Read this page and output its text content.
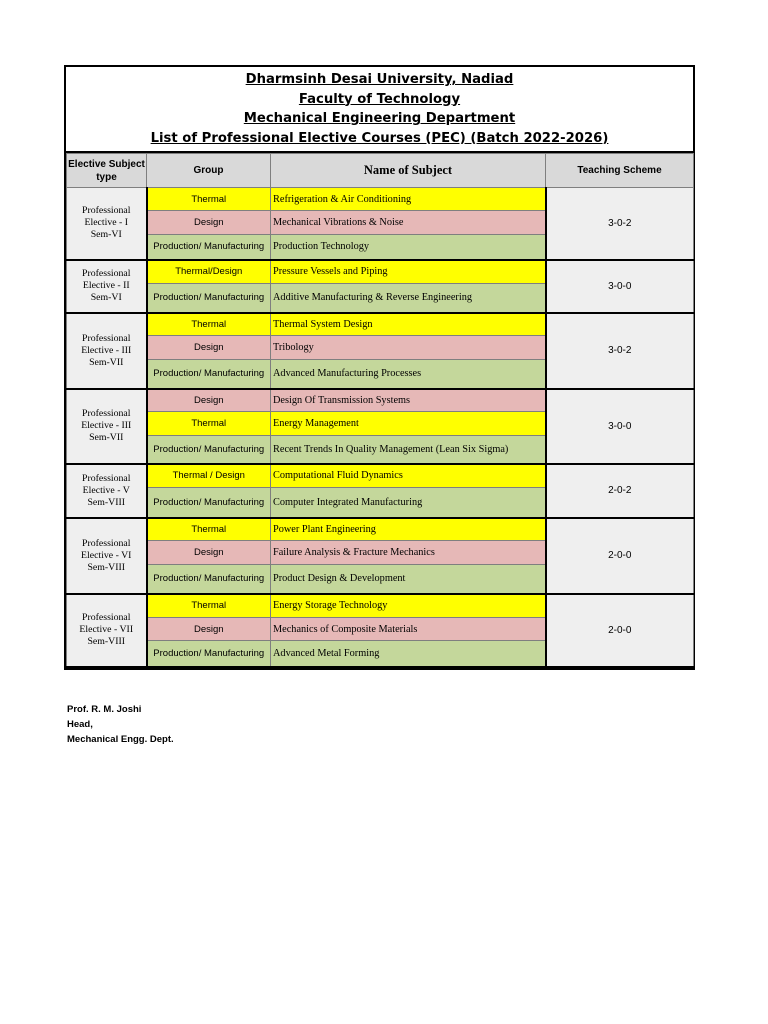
Dharmsinh Desai University, Nadiad
Faculty of Technology
Mechanical Engineering Department
List of Professional Elective Courses (PEC) (Batch 2022-2026)
Elective Subject type	Group	Name of Subject	Teaching Scheme

Professional
Elective - I
Sem-VI	Thermal	Refrigeration & Air Conditioning	3-0-2
	Design	Mechanical Vibrations & Noise	
	Production/ Manufacturing	Production Technology	

Professional
Elective - II
Sem-VI	Thermal/Design	Pressure Vessels and Piping	3-0-0
	Production/ Manufacturing	Additive Manufacturing & Reverse Engineering	

Professional
Elective - III
Sem-VII	Thermal	Thermal System Design	3-0-2
	Design	Tribology	
	Production/ Manufacturing	Advanced Manufacturing Processes	

Professional
Elective - III
Sem-VII	Design	Design Of Transmission Systems	3-0-0
	Thermal	Energy Management	
	Production/ Manufacturing	Recent Trends In Quality Management (Lean Six Sigma)	

Professional
Elective - V
Sem-VIII	Thermal / Design	Computational Fluid Dynamics	2-0-2
	Production/ Manufacturing	Computer Integrated Manufacturing	

Professional
Elective - VI
Sem-VIII	Thermal	Power Plant Engineering	2-0-0
	Design	Failure Analysis & Fracture Mechanics	
	Production/ Manufacturing	Product Design & Development	

Professional
Elective - VII
Sem-VIII	Thermal	Energy Storage Technology	2-0-0
	Design	Mechanics of Composite Materials	
	Production/ Manufacturing	Advanced Metal Forming	
Prof. R. M. Joshi
Head,
Mechanical Engg. Dept.
